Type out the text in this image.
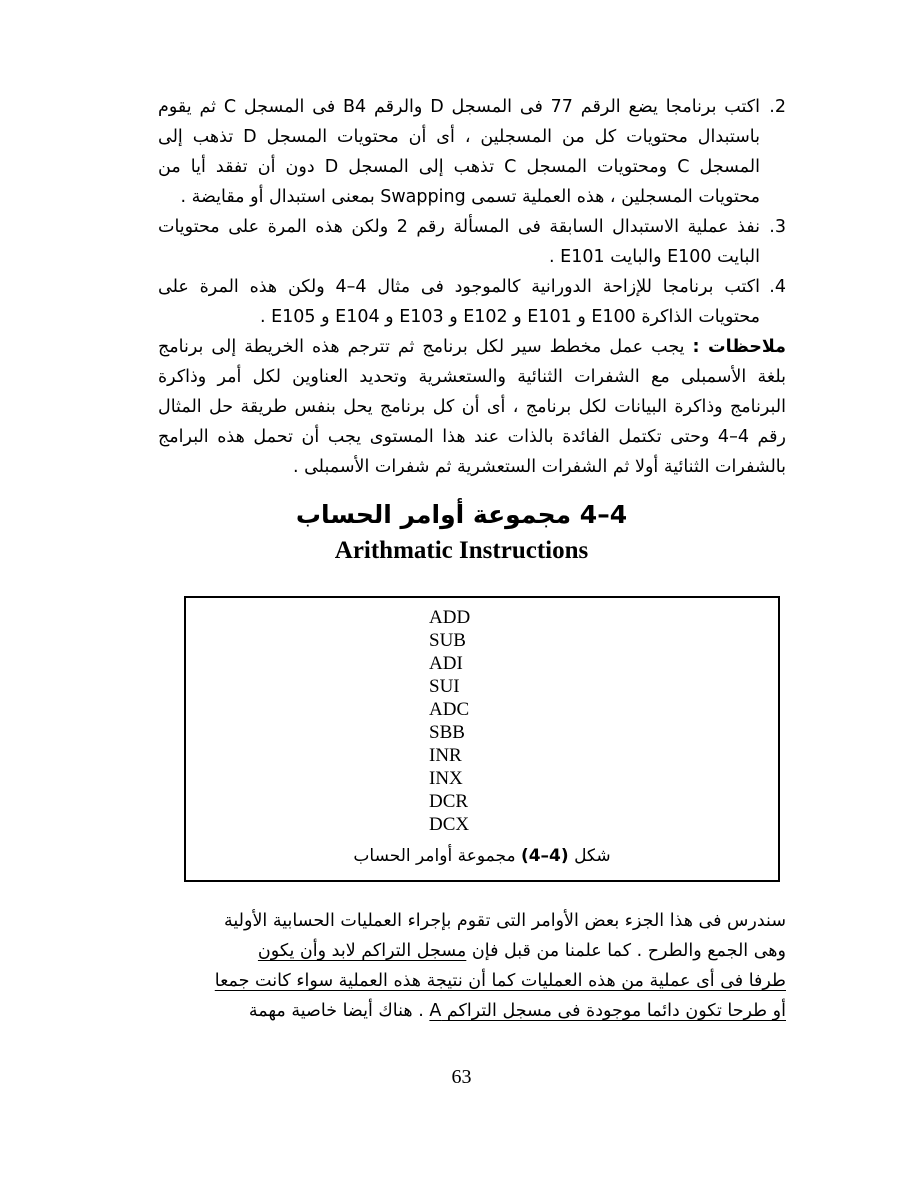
2.
اكتب برنامجا يضع الرقم 77 فى المسجل D والرقم B4 فى المسجل C ثم يقوم باستبدال محتويات كل من المسجلين ، أى أن محتويات المسجل D تذهب إلى المسجل C ومحتويات المسجل C تذهب إلى المسجل D دون أن تفقد أيا من محتويات المسجلين ، هذه العملية تسمى Swapping بمعنى استبدال أو مقايضة .
3.
نفذ عملية الاستبدال السابقة فى المسألة رقم 2 ولكن هذه المرة على محتويات البايت E100 والبايت E101 .
4.
اكتب برنامجا للإزاحة الدورانية كالموجود فى مثال 4–4 ولكن هذه المرة على محتويات الذاكرة E100 و E101 و E102 و E103 و E104 و E105 .
ملاحظات : يجب عمل مخطط سير لكل برنامج ثم تترجم هذه الخريطة إلى برنامج بلغة الأسمبلى مع الشفرات الثنائية والستعشرية وتحديد العناوين لكل أمر وذاكرة البرنامج وذاكرة البيانات لكل برنامج ، أى أن كل برنامج يحل بنفس طريقة حل المثال رقم 4–4 وحتى تكتمل الفائدة بالذات عند هذا المستوى يجب أن تحمل هذه البرامج بالشفرات الثنائية أولا ثم الشفرات الستعشرية ثم شفرات الأسمبلى .
4–4 مجموعة أوامر الحساب
Arithmatic Instructions
ADD
SUB
ADI
SUI
ADC
SBB
INR
INX
DCR
DCX
شكل (4–4) مجموعة أوامر الحساب
سندرس فى هذا الجزء بعض الأوامر التى تقوم بإجراء العمليات الحسابية الأولية
وهى الجمع والطرح . كما علمنا من قبل فإن مسجل التراكم لابد وأن يكون
طرفا فى أى عملية من هذه العمليات كما أن نتيجة هذه العملية سواء كانت جمعا
أو طرحا تكون دائما موجودة فى مسجل التراكم A . هناك أيضا خاصية مهمة
63
